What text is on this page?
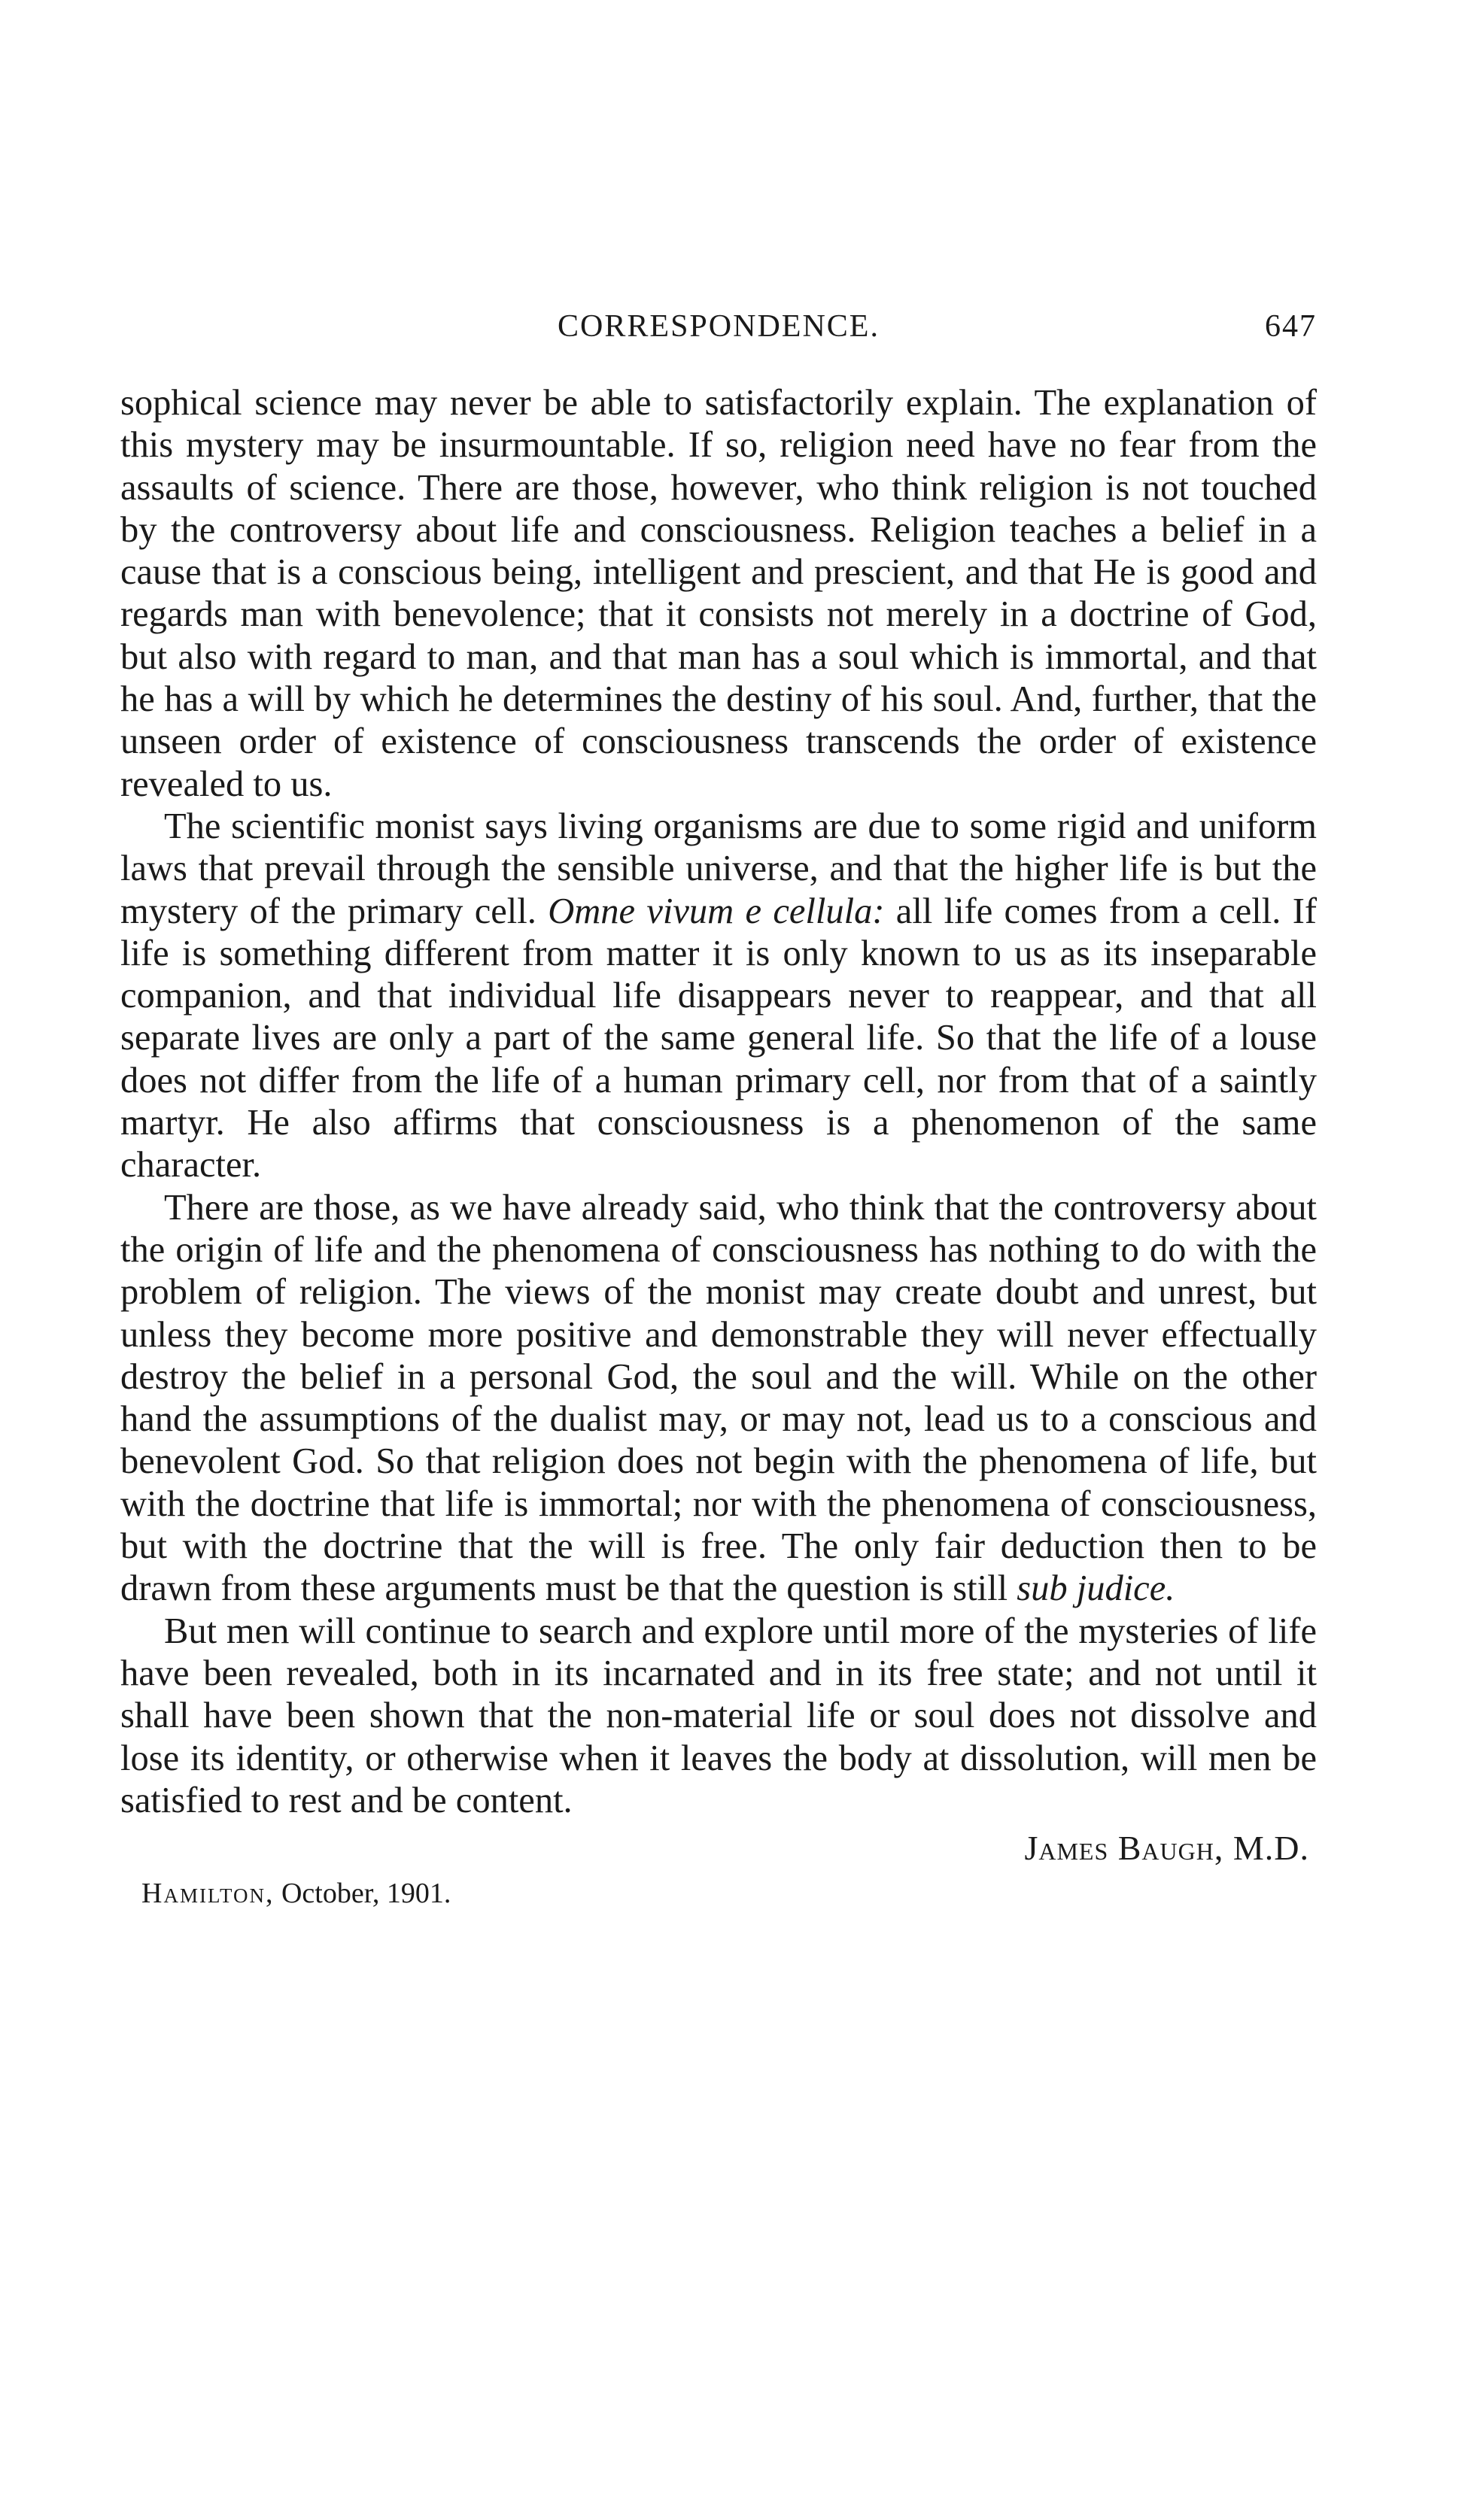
CORRESPONDENCE.	647

sophical science may never be able to satisfactorily explain. The explanation of this mystery may be insurmountable. If so, religion need have no fear from the assaults of science. There are those, however, who think religion is not touched by the controversy about life and consciousness. Religion teaches a belief in a cause that is a conscious being, intelligent and prescient, and that He is good and regards man with benevolence; that it consists not merely in a doctrine of God, but also with regard to man, and that man has a soul which is immortal, and that he has a will by which he determines the destiny of his soul. And, further, that the unseen order of existence of consciousness transcends the order of existence revealed to us.

The scientific monist says living organisms are due to some rigid and uniform laws that prevail through the sensible universe, and that the higher life is but the mystery of the primary cell. Omne vivum e cellula: all life comes from a cell. If life is something different from matter it is only known to us as its inseparable companion, and that individual life disappears never to reappear, and that all separate lives are only a part of the same general life. So that the life of a louse does not differ from the life of a human primary cell, nor from that of a saintly martyr. He also affirms that consciousness is a phenomenon of the same character.

There are those, as we have already said, who think that the controversy about the origin of life and the phenomena of consciousness has nothing to do with the problem of religion. The views of the monist may create doubt and unrest, but unless they become more positive and demonstrable they will never effectually destroy the belief in a personal God, the soul and the will. While on the other hand the assumptions of the dualist may, or may not, lead us to a conscious and benevolent God. So that religion does not begin with the phenomena of life, but with the doctrine that life is immortal; nor with the phenomena of consciousness, but with the doctrine that the will is free. The only fair deduction then to be drawn from these arguments must be that the question is still sub judice.

But men will continue to search and explore until more of the mysteries of life have been revealed, both in its incarnated and in its free state; and not until it shall have been shown that the non-material life or soul does not dissolve and lose its identity, or otherwise when it leaves the body at dissolution, will men be satisfied to rest and be content.

James Baugh, M.D.
Hamilton, October, 1901.
